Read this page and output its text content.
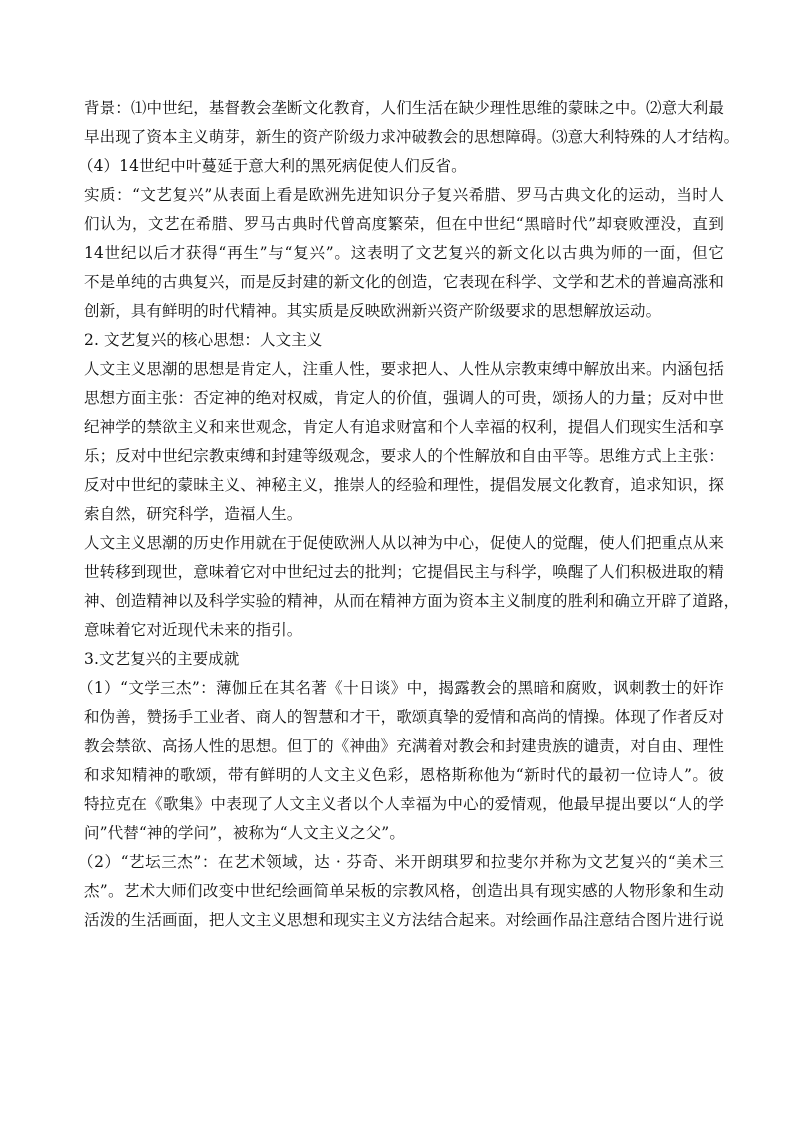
背景：⑴中世纪，基督教会垄断文化教育，人们生活在缺少理性思维的蒙昧之中。⑵意大利最
早出现了资本主义萌芽，新生的资产阶级力求冲破教会的思想障碍。⑶意大利特殊的人才结构。
（4）14世纪中叶蔓延于意大利的黑死病促使人们反省。
实质：“文艺复兴”从表面上看是欧洲先进知识分子复兴希腊、罗马古典文化的运动，当时人
们认为，文艺在希腊、罗马古典时代曾高度繁荣，但在中世纪“黑暗时代”却衰败湮没，直到
14世纪以后才获得“再生”与“复兴”。这表明了文艺复兴的新文化以古典为师的一面，但它
不是单纯的古典复兴，而是反封建的新文化的创造，它表现在科学、文学和艺术的普遍高涨和
创新，具有鲜明的时代精神。其实质是反映欧洲新兴资产阶级要求的思想解放运动。
2. 文艺复兴的核心思想：人文主义
人文主义思潮的思想是肯定人，注重人性，要求把人、人性从宗教束缚中解放出来。内涵包括
思想方面主张：否定神的绝对权威，肯定人的价值，强调人的可贵，颂扬人的力量；反对中世
纪神学的禁欲主义和来世观念，肯定人有追求财富和个人幸福的权利，提倡人们现实生活和享
乐；反对中世纪宗教束缚和封建等级观念，要求人的个性解放和自由平等。思维方式上主张：
反对中世纪的蒙昧主义、神秘主义，推崇人的经验和理性，提倡发展文化教育，追求知识，探
索自然，研究科学，造福人生。
人文主义思潮的历史作用就在于促使欧洲人从以神为中心，促使人的觉醒，使人们把重点从来
世转移到现世，意味着它对中世纪过去的批判；它提倡民主与科学，唤醒了人们积极进取的精
神、创造精神以及科学实验的精神，从而在精神方面为资本主义制度的胜利和确立开辟了道路，
意味着它对近现代未来的指引。
3.文艺复兴的主要成就
（1）“文学三杰”：薄伽丘在其名著《十日谈》中，揭露教会的黑暗和腐败，讽刺教士的奸诈
和伪善，赞扬手工业者、商人的智慧和才干，歌颂真挚的爱情和高尚的情操。体现了作者反对
教会禁欲、高扬人性的思想。但丁的《神曲》充满着对教会和封建贵族的谴责，对自由、理性
和求知精神的歌颂，带有鲜明的人文主义色彩，恩格斯称他为“新时代的最初一位诗人”。彼
特拉克在《歌集》中表现了人文主义者以个人幸福为中心的爱情观，他最早提出要以“人的学
问”代替“神的学问”，被称为“人文主义之父”。
（2）“艺坛三杰”：在艺术领域，达 · 芬奇、米开朗琪罗和拉斐尔并称为文艺复兴的“美术三
杰”。艺术大师们改变中世纪绘画简单呆板的宗教风格，创造出具有现实感的人物形象和生动
活泼的生活画面，把人文主义思想和现实主义方法结合起来。对绘画作品注意结合图片进行说
